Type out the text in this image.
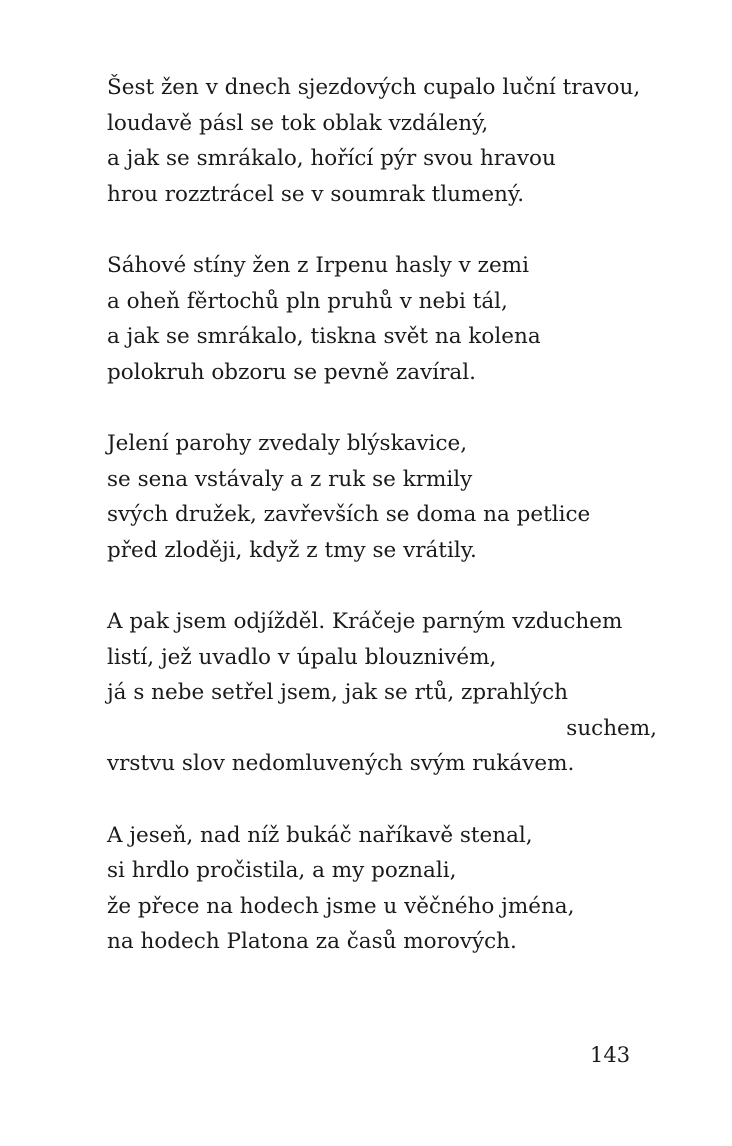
Šest žen v dnech sjezdových cupalo luční travou,
loudavě pásl se tok oblak vzdálený,
a jak se smrákalo, hořící pýr svou hravou
hrou rozztrácel se v soumrak tlumený.
Sáhové stíny žen z Irpenu hasly v zemi
a oheň fěrtochů pln pruhů v nebi tál,
a jak se smrákalo, tiskna svět na kolena
polokruh obzoru se pevně zavíral.
Jelení parohy zvedaly blýskavice,
se sena vstávaly a z ruk se krmily
svých družek, zavřevších se doma na petlice
před zloději, když z tmy se vrátily.
A pak jsem odjížděl. Kráčeje parným vzduchem
listí, jež uvadlo v úpalu blouznivém,
já s nebe setřel jsem, jak se rtů, zprahlých
suchem,
vrstvu slov nedomluvených svým rukávem.
A jeseň, nad níž bukáč naříkavě stenal,
si hrdlo pročistila, a my poznali,
že přece na hodech jsme u věčného jména,
na hodech Platona za časů morových.
143
